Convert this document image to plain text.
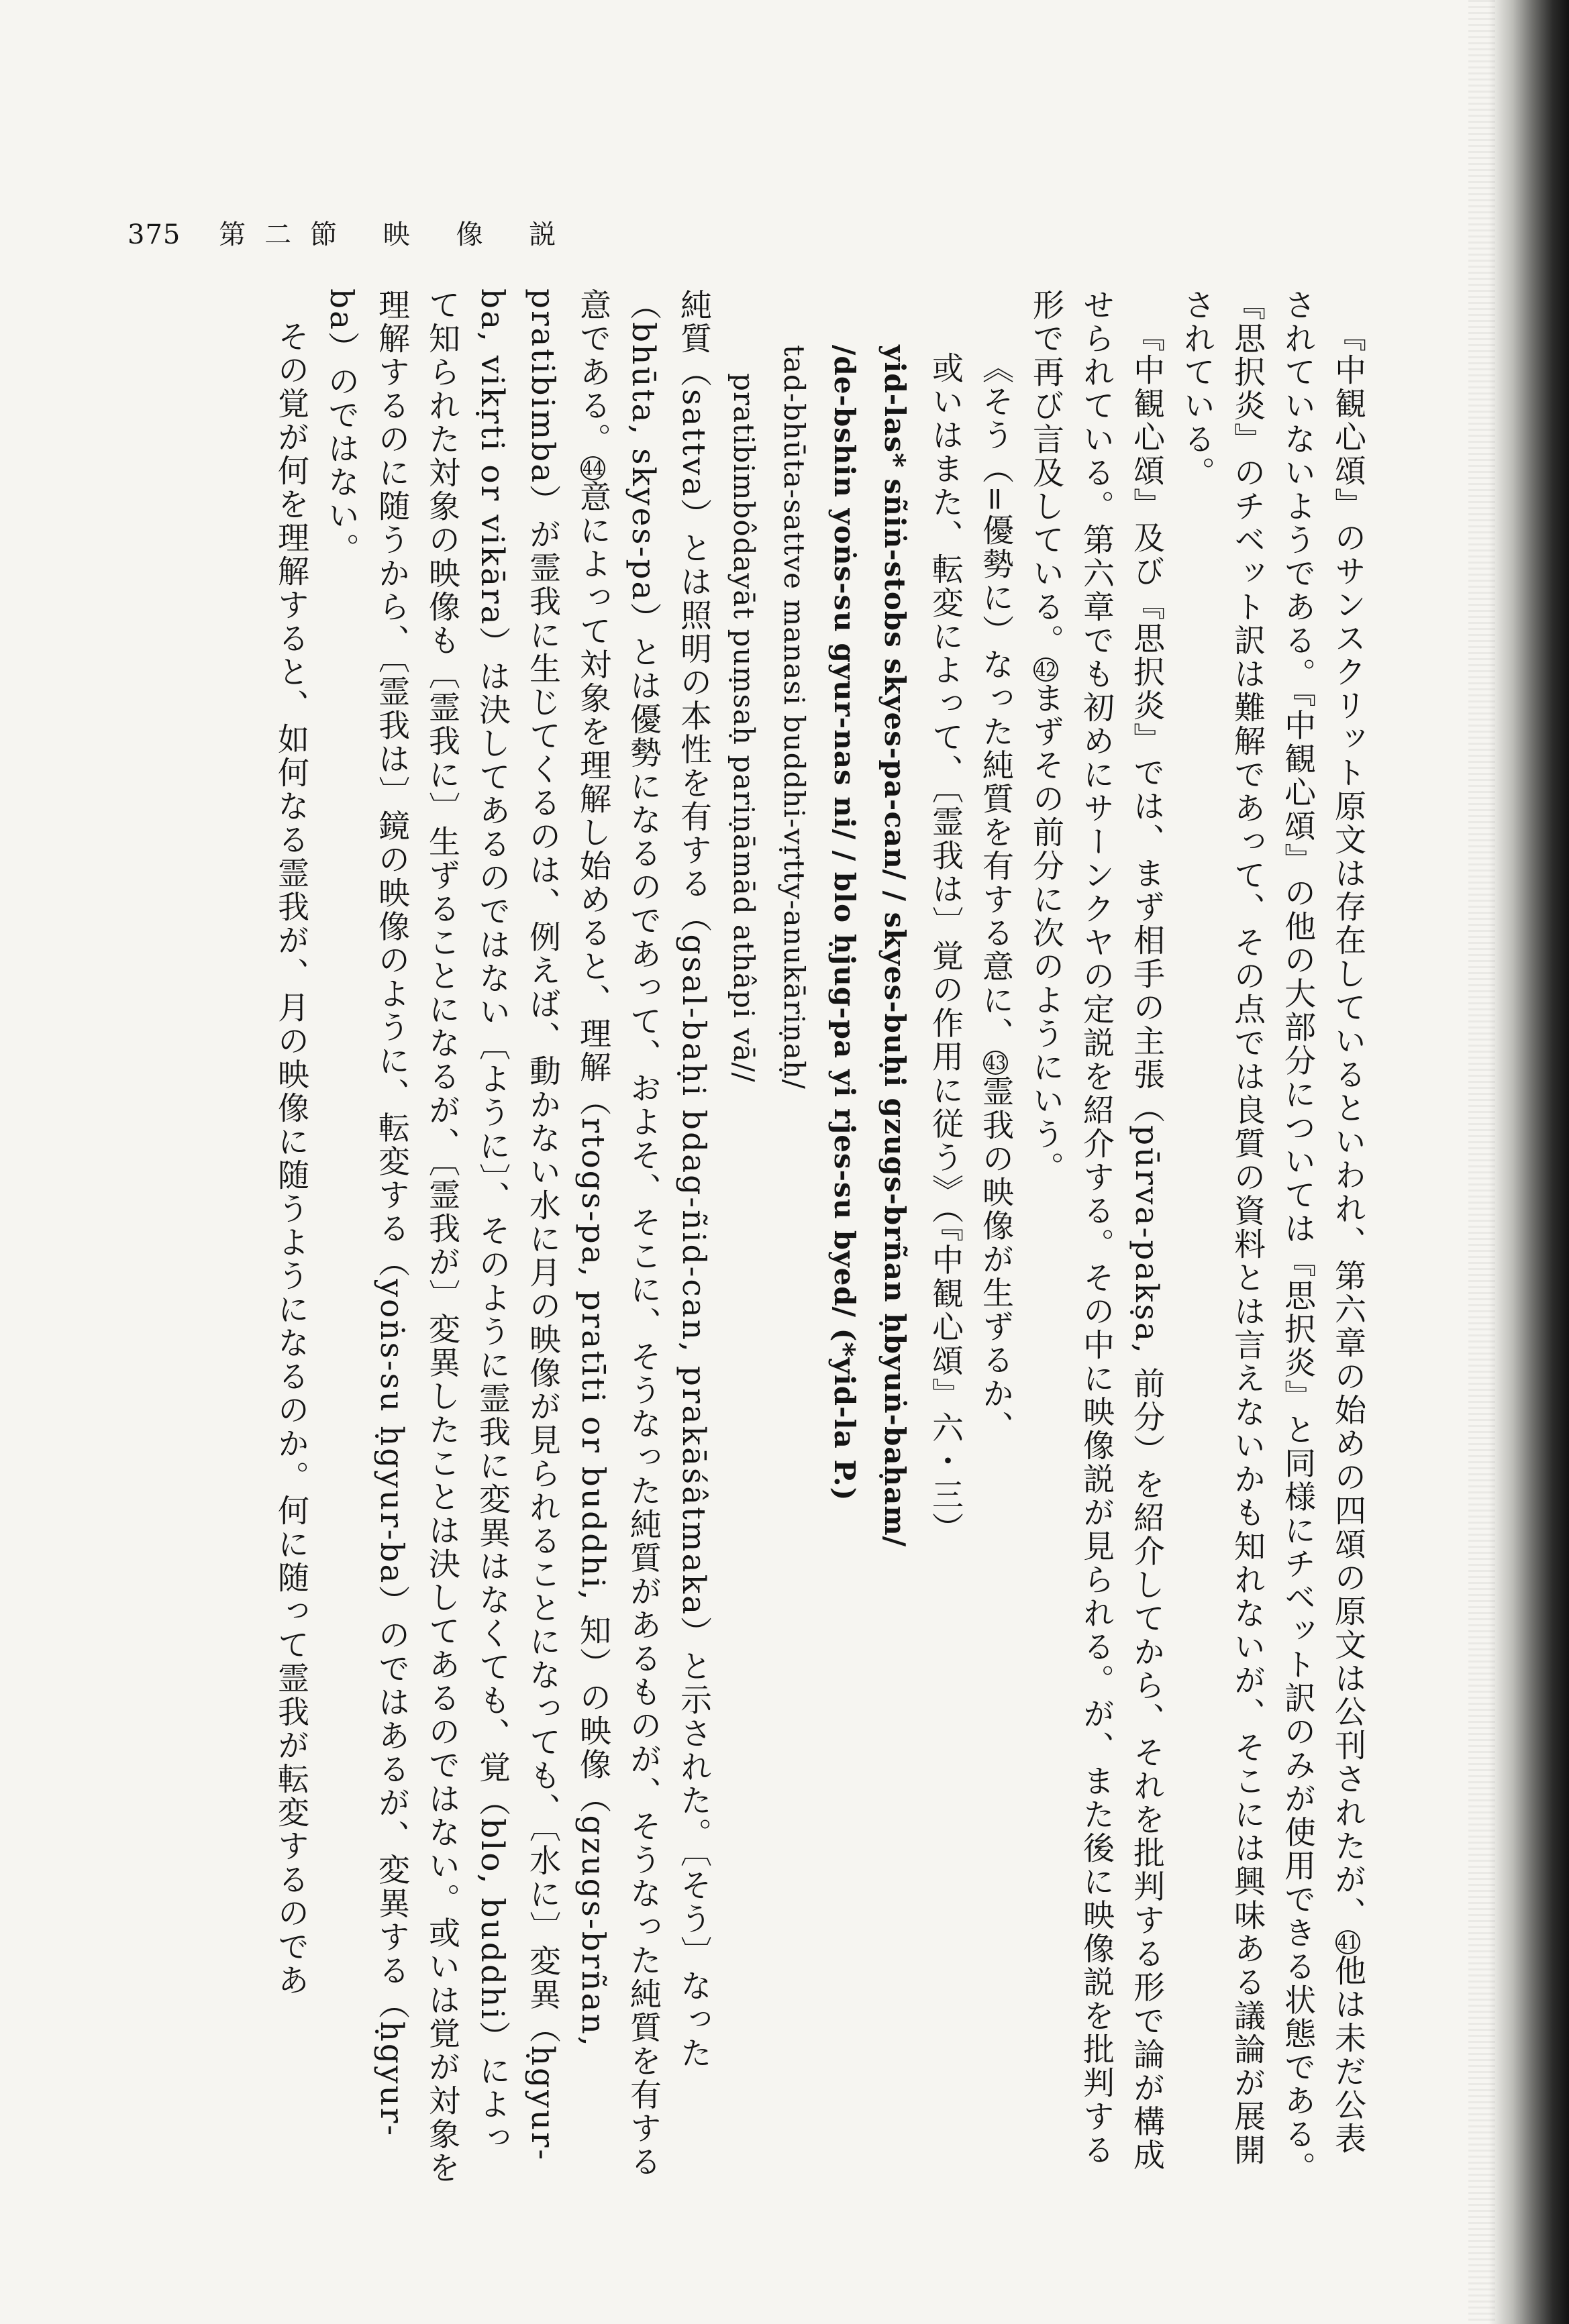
375 第二節 映 像 説

『中観心頌』のサンスクリット原文は存在しているといわれ、第六章の始めの四頌の原文は公刊されたが、41他は未だ公表されていないようである。『中観心頌』の他の大部分については『思択炎』と同様にチベット訳のみが使用できる状態である。『思択炎』のチベット訳は難解であって、その点では良質の資料とは言えないかも知れないが、そこには興味ある議論が展開されている。

『中観心頌』及び『思択炎』では、まず相手の主張（pūrva-pakṣa, 前分）を紹介してから、それを批判する形で論が構成せられている。第六章でも初めにサーンクヤの定説を紹介する。その中に映像説が見られる。が、また後に映像説を批判する形で再び言及している。42まずその前分に次のようにいう。

《そう（=優勢に）なった純質を有する意に、43霊我の映像が生ずるか、

或いはまた、転変によって、〔霊我は〕覚の作用に従う》（『中観心頌』六・三）

yid-las* sñiṅ-stobs skyes-pa-can/ / skyes-buḥi gzugs-brñan ḥbyuṅ-baḥam/

/de-bshin yoṅs-su gyur-nas ni/ / blo ḥjug-pa yi rjes-su byed/ (*yid-la P.)

tad-bhūta-sattve manasi buddhi-vṛtty-anukāriṇaḥ/

pratibimbôdayāt puṃsaḥ pariṇāmād athâpi vā//

純質（sattva）とは照明の本性を有する（gsal-baḥi bdag-ñid-can, prakāśâtmaka）と示された。〔そう〕なった（bhūta, skyes-pa）とは優勢になるのであって、およそ、そこに、そうなった純質があるものが、そうなった純質を有する意である。44意によって対象を理解し始めると、理解（rtogs-pa, pratīti or buddhi, 知）の映像（gzugs-brñan, pratibimba）が霊我に生じてくるのは、例えば、動かない水に月の映像が見られることになっても、〔水に〕変異（ḥgyur-ba, vikṛti or vikāra）は決してあるのではない〔ように〕、そのように霊我に変異はなくても、覚（blo, buddhi）によって知られた対象の映像も〔霊我に〕生ずることになるが、〔霊我が〕変異したことは決してあるのではない。或いは覚が対象を理解するのに随うから、〔霊我は〕鏡の映像のように、転変する（yoṅs-su ḥgyur-ba）のではあるが、変異する（ḥgyur-ba）のではない。

その覚が何を理解すると、如何なる霊我が、月の映像に随うようになるのか。何に随って霊我が転変するのであ
